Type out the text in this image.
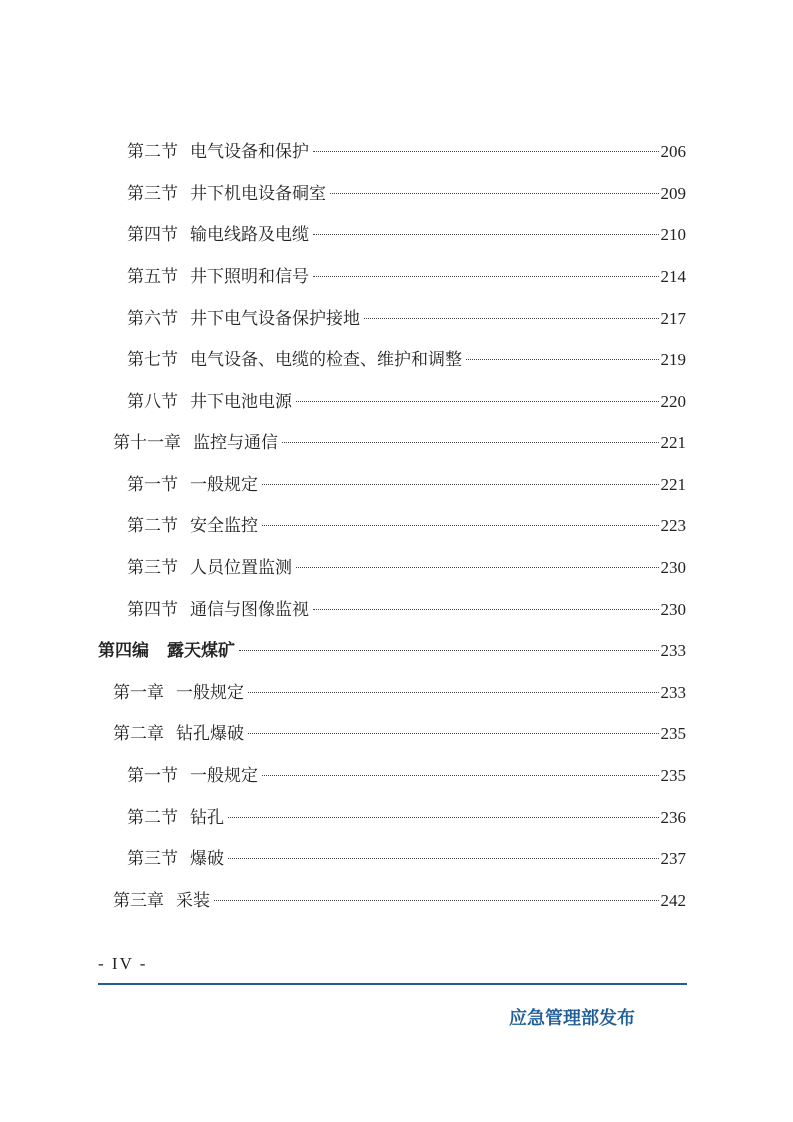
第二节 电气设备和保护	206
第三节 井下机电设备硐室	209
第四节 输电线路及电缆	210
第五节 井下照明和信号	214
第六节 井下电气设备保护接地	217
第七节 电气设备、电缆的检查、维护和调整	219
第八节 井下电池电源	220
第十一章 监控与通信	221
第一节 一般规定	221
第二节 安全监控	223
第三节 人员位置监测	230
第四节 通信与图像监视	230
第四编 露天煤矿	233
第一章 一般规定	233
第二章 钻孔爆破	235
第一节 一般规定	235
第二节 钻孔	236
第三节 爆破	237
第三章 采装	242
- IV -
应急管理部发布
